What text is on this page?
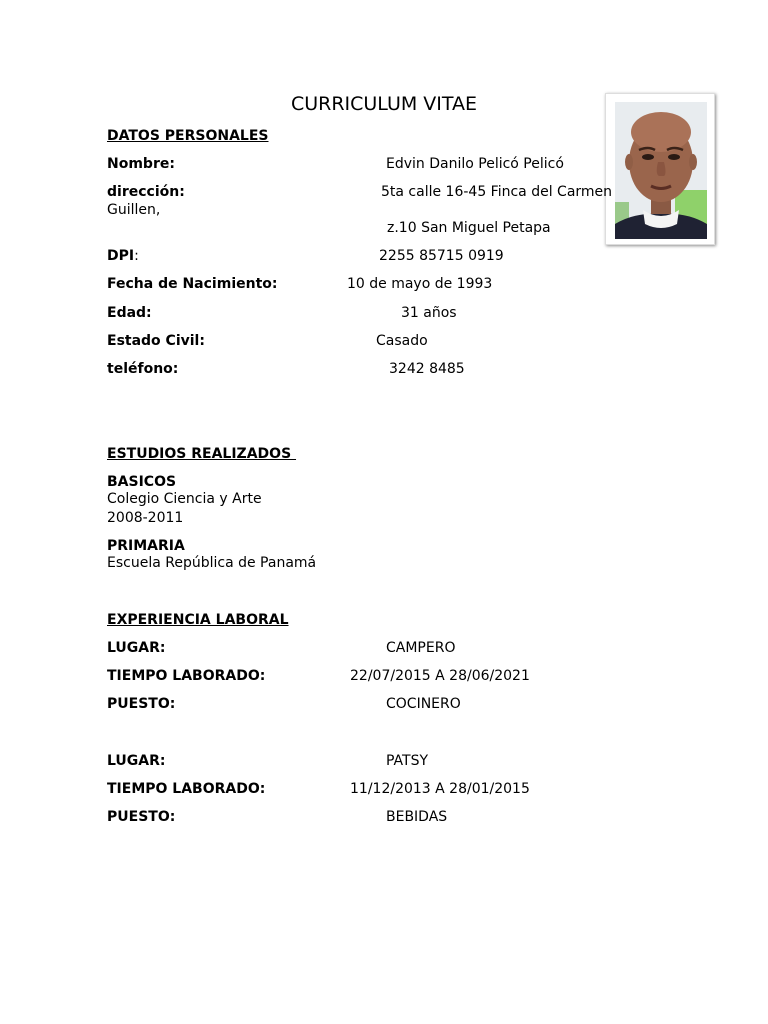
CURRICULUM VITAE
DATOS PERSONALES
Nombre:	Edvin Danilo Pelicó Pelicó
dirección:	5ta calle 16-45 Finca del Carmen
Guillen,
z.10 San Miguel Petapa
DPI:	2255 85715 0919
Fecha de Nacimiento:	10 de mayo de 1993
Edad:	31 años
Estado Civil:	Casado
teléfono:	3242 8485
ESTUDIOS REALIZADOS
BASICOS
Colegio Ciencia y Arte
2008-2011
PRIMARIA
Escuela República de Panamá
EXPERIENCIA LABORAL
LUGAR:	CAMPERO
TIEMPO LABORADO:	22/07/2015 A 28/06/2021
PUESTO:	COCINERO
LUGAR:	PATSY
TIEMPO LABORADO:	11/12/2013 A 28/01/2015
PUESTO:	BEBIDAS
